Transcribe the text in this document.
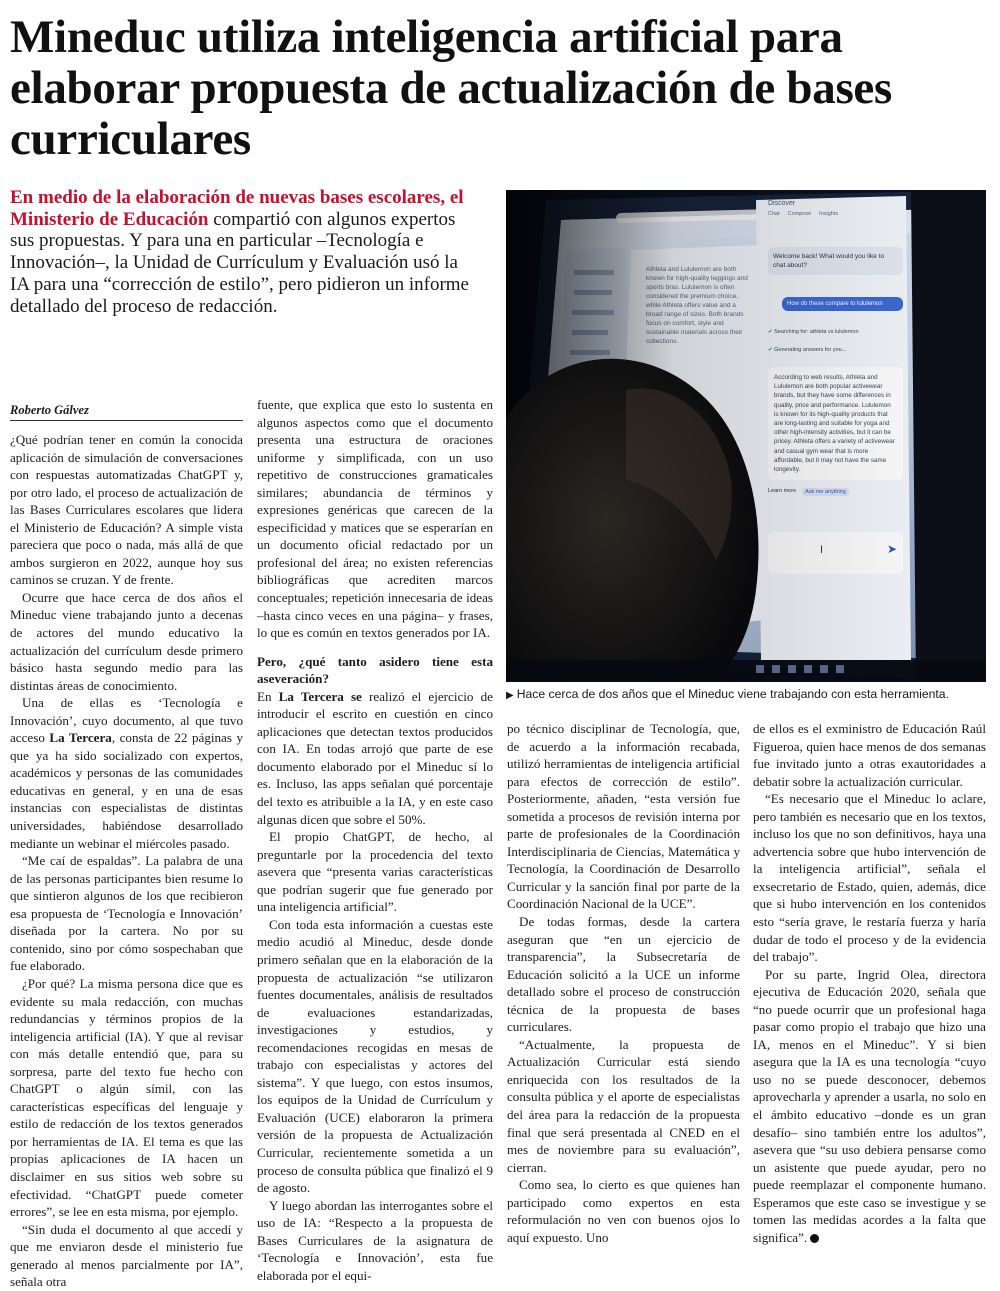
Mineduc utiliza inteligencia artificial para elaborar propuesta de actualización de bases curriculares
En medio de la elaboración de nuevas bases escolares, el Ministerio de Educación compartió con algunos expertos sus propuestas. Y para una en particular –Tecnología e Innovación–, la Unidad de Currículum y Evaluación usó la IA para una “corrección de estilo”, pero pidieron un informe detallado del proceso de redacción.
▶ Hace cerca de dos años que el Mineduc viene trabajando con esta herramienta.
Roberto Gálvez

¿Qué podrían tener en común la conocida aplicación de simulación de conversaciones con respuestas automatizadas ChatGPT y, por otro lado, el proceso de actualización de las Bases Curriculares escolares que lidera el Ministerio de Educación? A simple vista pareciera que poco o nada, más allá de que ambos surgieron en 2022, aunque hoy sus caminos se cruzan. Y de frente.

Ocurre que hace cerca de dos años el Mineduc viene trabajando junto a decenas de actores del mundo educativo la actualización del currículum desde primero básico hasta segundo medio para las distintas áreas de conocimiento.

Una de ellas es ‘Tecnología e Innovación’, cuyo documento, al que tuvo acceso La Tercera, consta de 22 páginas y que ya ha sido socializado con expertos, académicos y personas de las comunidades educativas en general, y en una de esas instancias con especialistas de distintas universidades, habiéndose desarrollado mediante un webinar el miércoles pasado.

“Me caí de espaldas”. La palabra de una de las personas participantes bien resume lo que sintieron algunos de los que recibieron esa propuesta de ‘Tecnología e Innovación’ diseñada por la cartera. No por su contenido, sino por cómo sospechaban que fue elaborado.

¿Por qué? La misma persona dice que es evidente su mala redacción, con muchas redundancias y términos propios de la inteligencia artificial (IA). Y que al revisar con más detalle entendió que, para su sorpresa, parte del texto fue hecho con ChatGPT o algún símil, con las características específicas del lenguaje y estilo de redacción de los textos generados por herramientas de IA. El tema es que las propias aplicaciones de IA hacen un disclaimer en sus sitios web sobre su efectividad. “ChatGPT puede cometer errores”, se lee en esta misma, por ejemplo.

“Sin duda el documento al que accedí y que me enviaron desde el ministerio fue generado al menos parcialmente por IA”, señala otra

fuente, que explica que esto lo sustenta en algunos aspectos como que el documento presenta una estructura de oraciones uniforme y simplificada, con un uso repetitivo de construcciones gramaticales similares; abundancia de términos y expresiones genéricas que carecen de la especificidad y matices que se esperarían en un documento oficial redactado por un profesional del área; no existen referencias bibliográficas que acrediten marcos conceptuales; repetición innecesaria de ideas –hasta cinco veces en una página– y frases, lo que es común en textos generados por IA.

Pero, ¿qué tanto asidero tiene esta aseveración?

En La Tercera se realizó el ejercicio de introducir el escrito en cuestión en cinco aplicaciones que detectan textos producidos con IA. En todas arrojó que parte de ese documento elaborado por el Mineduc sí lo es. Incluso, las apps señalan qué porcentaje del texto es atribuible a la IA, y en este caso algunas dicen que sobre el 50%.

El propio ChatGPT, de hecho, al preguntarle por la procedencia del texto asevera que “presenta varias características que podrían sugerir que fue generado por una inteligencia artificial”.

Con toda esta información a cuestas este medio acudió al Mineduc, desde donde primero señalan que en la elaboración de la propuesta de actualización “se utilizaron fuentes documentales, análisis de resultados de evaluaciones estandarizadas, investigaciones y estudios, y recomendaciones recogidas en mesas de trabajo con especialistas y actores del sistema”. Y que luego, con estos insumos, los equipos de la Unidad de Currículum y Evaluación (UCE) elaboraron la primera versión de la propuesta de Actualización Curricular, recientemente sometida a un proceso de consulta pública que finalizó el 9 de agosto.

Y luego abordan las interrogantes sobre el uso de IA: “Respecto a la propuesta de Bases Curriculares de la asignatura de ‘Tecnología e Innovación’, esta fue elaborada por el equi-

po técnico disciplinar de Tecnología, que, de acuerdo a la información recabada, utilizó herramientas de inteligencia artificial para efectos de corrección de estilo”. Posteriormente, añaden, “esta versión fue sometida a procesos de revisión interna por parte de profesionales de la Coordinación Interdisciplinaria de Ciencias, Matemática y Tecnología, la Coordinación de Desarrollo Curricular y la sanción final por parte de la Coordinación Nacional de la UCE”.

De todas formas, desde la cartera aseguran que “en un ejercicio de transparencia”, la Subsecretaría de Educación solicitó a la UCE un informe detallado sobre el proceso de construcción técnica de la propuesta de bases curriculares.

“Actualmente, la propuesta de Actualización Curricular está siendo enriquecida con los resultados de la consulta pública y el aporte de especialistas del área para la redacción de la propuesta final que será presentada al CNED en el mes de noviembre para su evaluación”, cierran.

Como sea, lo cierto es que quienes han participado como expertos en esta reformulación no ven con buenos ojos lo aquí expuesto. Uno

de ellos es el exministro de Educación Raúl Figueroa, quien hace menos de dos semanas fue invitado junto a otras exautoridades a debatir sobre la actualización curricular.

“Es necesario que el Mineduc lo aclare, pero también es necesario que en los textos, incluso los que no son definitivos, haya una advertencia sobre que hubo intervención de la inteligencia artificial”, señala el exsecretario de Estado, quien, además, dice que si hubo intervención en los contenidos esto “sería grave, le restaría fuerza y haría dudar de todo el proceso y de la evidencia del trabajo”.

Por su parte, Ingrid Olea, directora ejecutiva de Educación 2020, señala que “no puede ocurrir que un profesional haga pasar como propio el trabajo que hizo una IA, menos en el Mineduc”. Y si bien asegura que la IA es una tecnología “cuyo uso no se puede desconocer, debemos aprovecharla y aprender a usarla, no solo en el ámbito educativo –donde es un gran desafío– sino también entre los adultos”, asevera que “su uso debiera pensarse como un asistente que puede ayudar, pero no puede reemplazar el componente humano. Esperamos que este caso se investigue y se tomen las medidas acordes a la falta que significa”.
